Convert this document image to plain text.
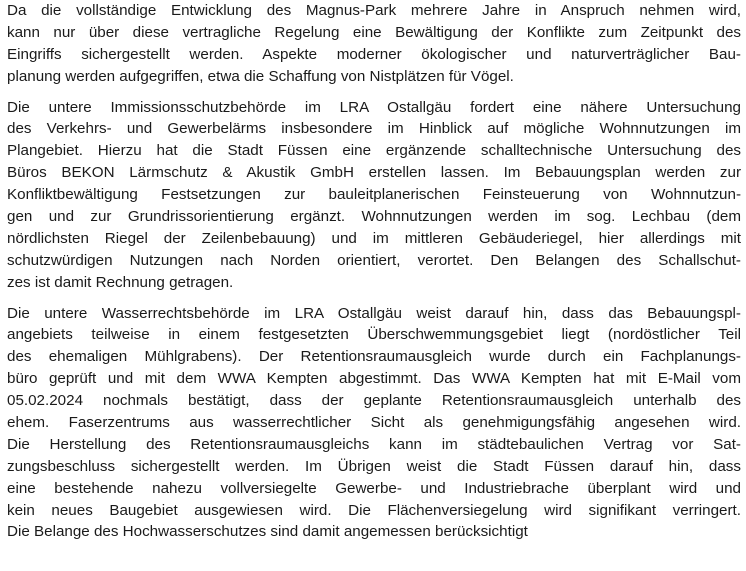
Da die vollständige Entwicklung des Magnus-Park mehrere Jahre in Anspruch nehmen wird,
kann nur über diese vertragliche Regelung eine Bewältigung der Konflikte zum Zeitpunkt des
Eingriffs sichergestellt werden. Aspekte moderner ökologischer und naturverträglicher Bau-
planung werden aufgegriffen, etwa die Schaffung von Nistplätzen für Vögel.

Die untere Immissionsschutzbehörde im LRA Ostallgäu fordert eine nähere Untersuchung
des Verkehrs- und Gewerbelärms insbesondere im Hinblick auf mögliche Wohnnutzungen im
Plangebiet. Hierzu hat die Stadt Füssen eine ergänzende schalltechnische Untersuchung des
Büros BEKON Lärmschutz & Akustik GmbH erstellen lassen. Im Bebauungsplan werden zur
Konfliktbewältigung Festsetzungen zur bauleitplanerischen Feinsteuerung von Wohnnutzun-
gen und zur Grundrissorientierung ergänzt. Wohnnutzungen werden im sog. Lechbau (dem
nördlichsten Riegel der Zeilenbebauung) und im mittleren Gebäuderiegel, hier allerdings mit
schutzwürdigen Nutzungen nach Norden orientiert, verortet. Den Belangen des Schallschut-
zes ist damit Rechnung getragen.

Die untere Wasserrechtsbehörde im LRA Ostallgäu weist darauf hin, dass das Bebauungspl-
angebiets teilweise in einem festgesetzten Überschwemmungsgebiet liegt (nordöstlicher Teil
des ehemaligen Mühlgrabens). Der Retentionsraumausgleich wurde durch ein Fachplanungs-
büro geprüft und mit dem WWA Kempten abgestimmt. Das WWA Kempten hat mit E-Mail vom
05.02.2024 nochmals bestätigt, dass der geplante Retentionsraumausgleich unterhalb des
ehem. Faserzentrums aus wasserrechtlicher Sicht als genehmigungsfähig angesehen wird.
Die Herstellung des Retentionsraumausgleichs kann im städtebaulichen Vertrag vor Sat-
zungsbeschluss sichergestellt werden. Im Übrigen weist die Stadt Füssen darauf hin, dass
eine bestehende nahezu vollversiegelte Gewerbe- und Industriebrache überplant wird und
kein neues Baugebiet ausgewiesen wird. Die Flächenversiegelung wird signifikant verringert.
Die Belange des Hochwasserschutzes sind damit angemessen berücksichtigt
